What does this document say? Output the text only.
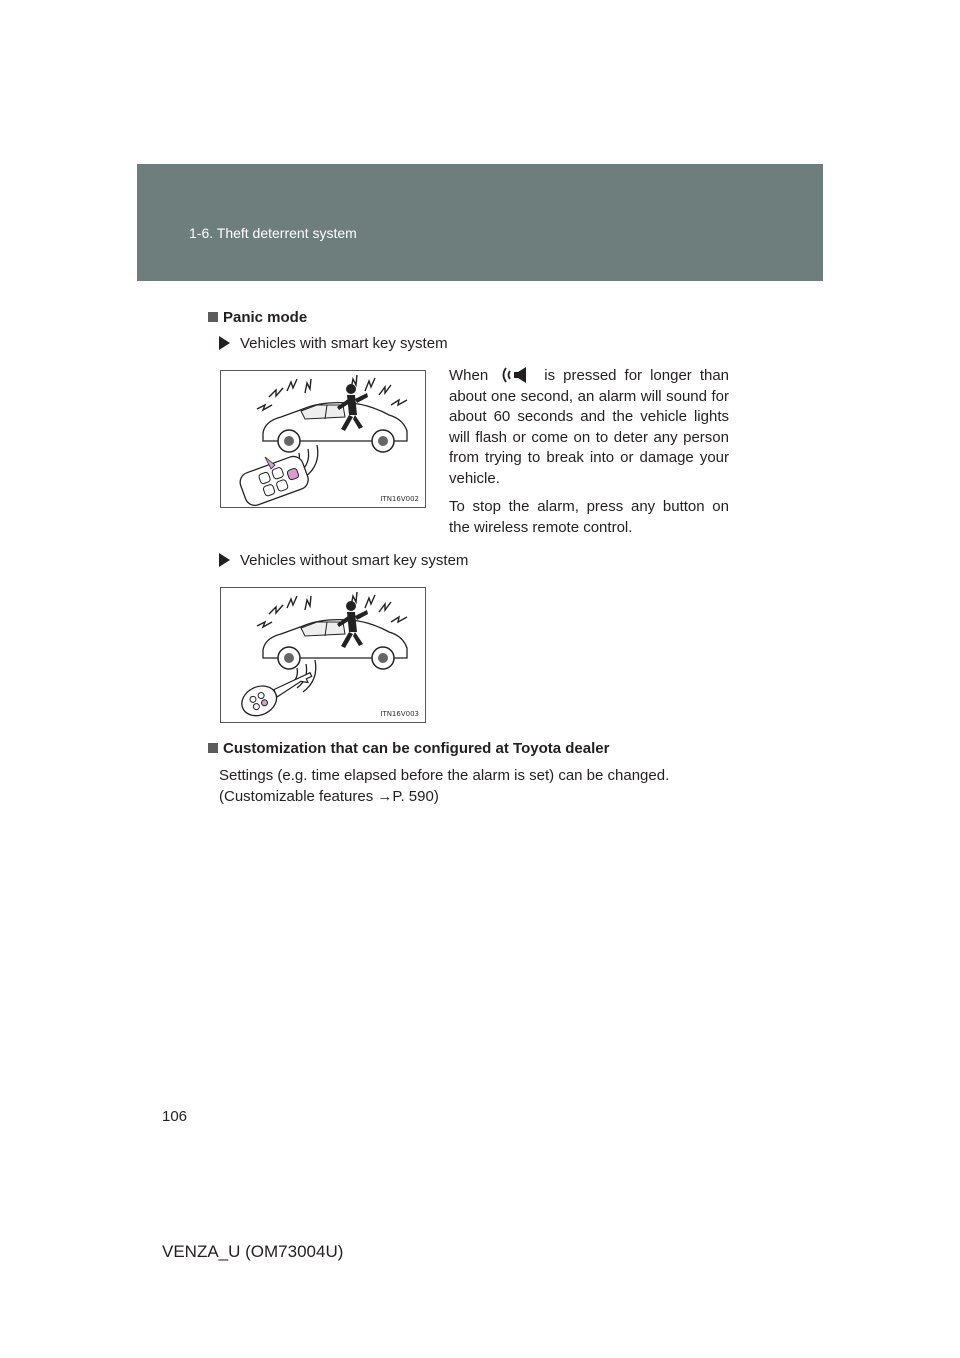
1-6. Theft deterrent system
Panic mode
Vehicles with smart key system
ITN16V002

When	is pressed for longer than about one second, an alarm will sound for about 60 seconds and the vehicle lights will flash or come on to deter any person from trying to break into or damage your vehicle.

To stop the alarm, press any button on the wireless remote control.

Vehicles without smart key system
ITN16V003
Customization that can be configured at Toyota dealer
Settings (e.g. time elapsed before the alarm is set) can be changed.
(Customizable features →P. 590)
106
VENZA_U (OM73004U)
